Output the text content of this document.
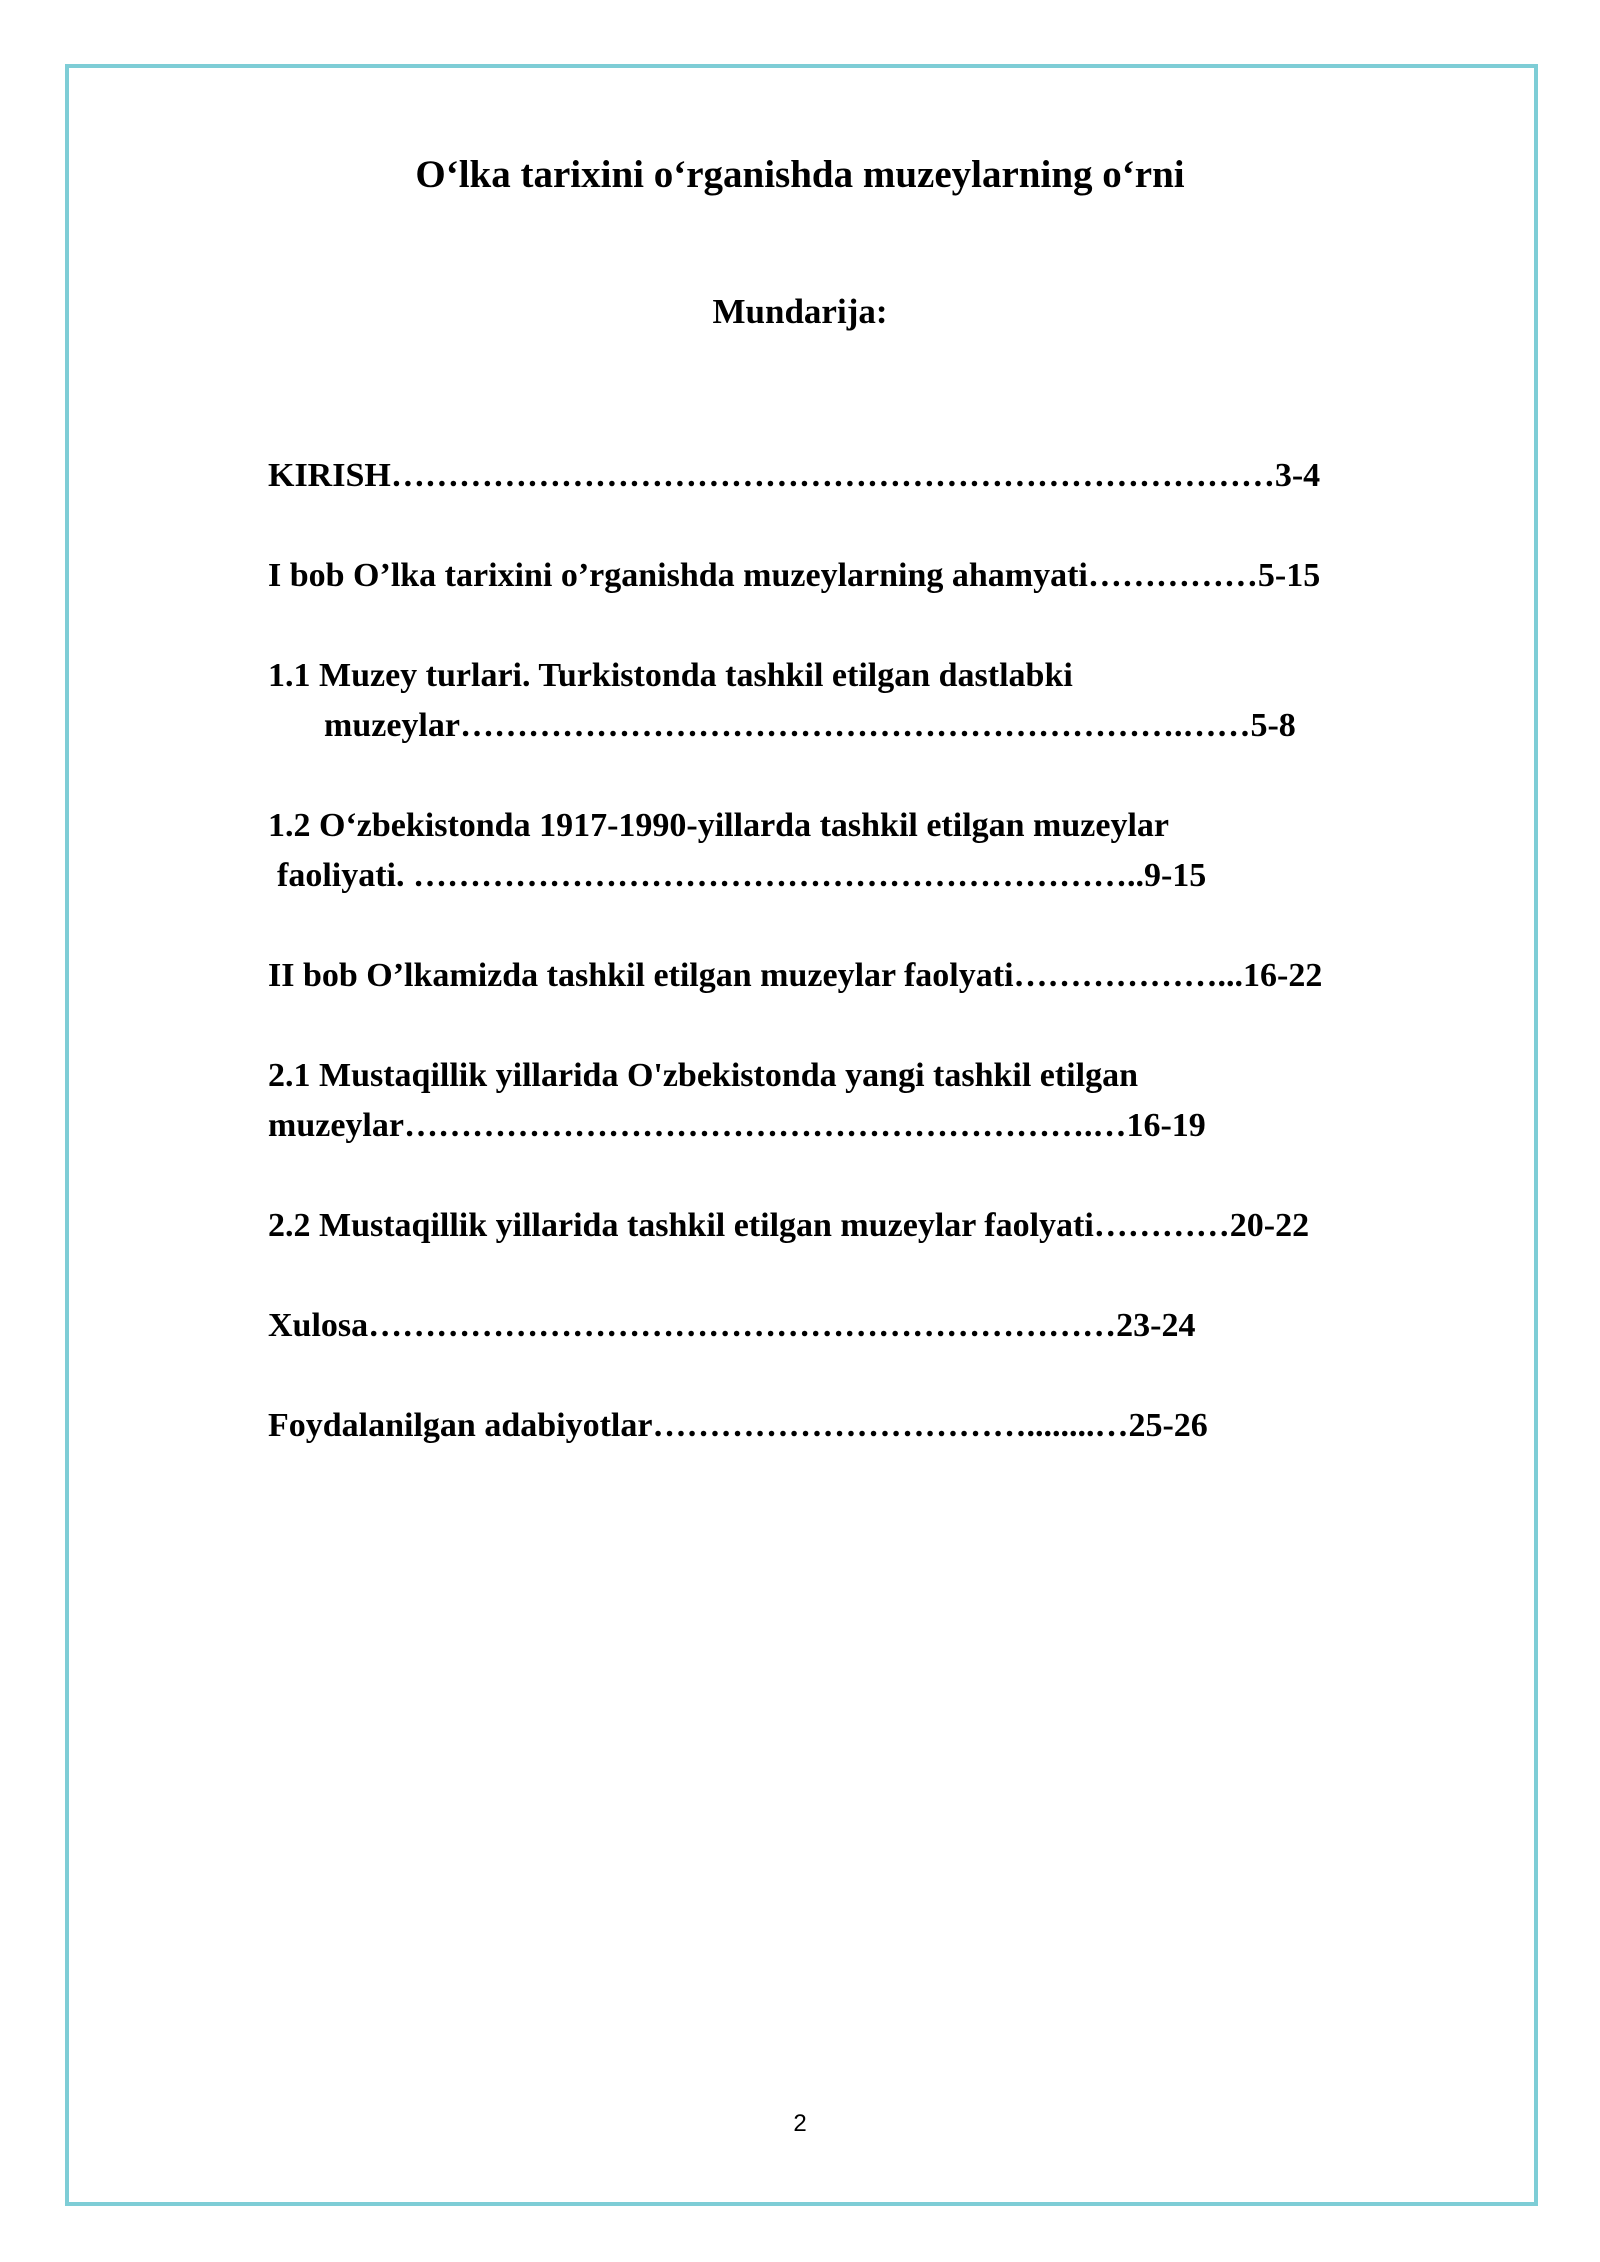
O‘lka tarixini o‘rganishda muzeylarning o‘rni
Mundarija:
KIRISH……………………………………………………………………3-4
I bob O’lka tarixini o’rganishda muzeylarning ahamyati……………5-15
1.1 Muzey turlari. Turkistonda tashkil etilgan dastlabki
muzeylar……………………………………………………….……5-8
1.2 O‘zbekistonda 1917-1990-yillarda tashkil etilgan muzeylar
faoliyati. ………………………………………………………..9-15
II bob O’lkamizda tashkil etilgan muzeylar faolyati………………...16-22
2.1 Mustaqillik yillarida O'zbekistonda yangi tashkil etilgan
muzeylar…………………………………………………….…16-19
2.2 Mustaqillik yillarida tashkil etilgan muzeylar faolyati…………20-22
Xulosa…………………………………………………………23-24
Foydalanilgan adabiyotlar……………………………........…25-26
2
